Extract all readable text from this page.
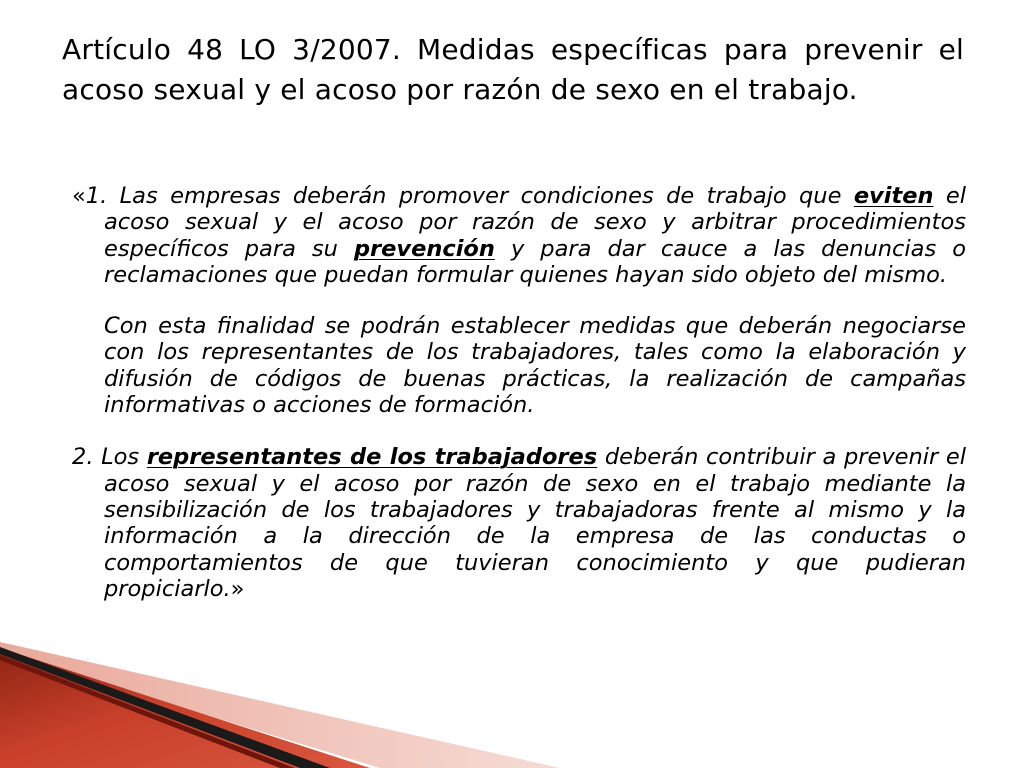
Artículo 48 LO 3/2007. Medidas específicas para prevenir el acoso sexual y el acoso por razón de sexo en el trabajo.

«1. Las empresas deberán promover condiciones de trabajo que eviten el acoso sexual y el acoso por razón de sexo y arbitrar procedimientos específicos para su prevención y para dar cauce a las denuncias o reclamaciones que puedan formular quienes hayan sido objeto del mismo.

Con esta finalidad se podrán establecer medidas que deberán negociarse con los representantes de los trabajadores, tales como la elaboración y difusión de códigos de buenas prácticas, la realización de campañas informativas o acciones de formación.

2. Los representantes de los trabajadores deberán contribuir a prevenir el acoso sexual y el acoso por razón de sexo en el trabajo mediante la sensibilización de los trabajadores y trabajadoras frente al mismo y la información a la dirección de la empresa de las conductas o comportamientos de que tuvieran conocimiento y que pudieran propiciarlo.»
